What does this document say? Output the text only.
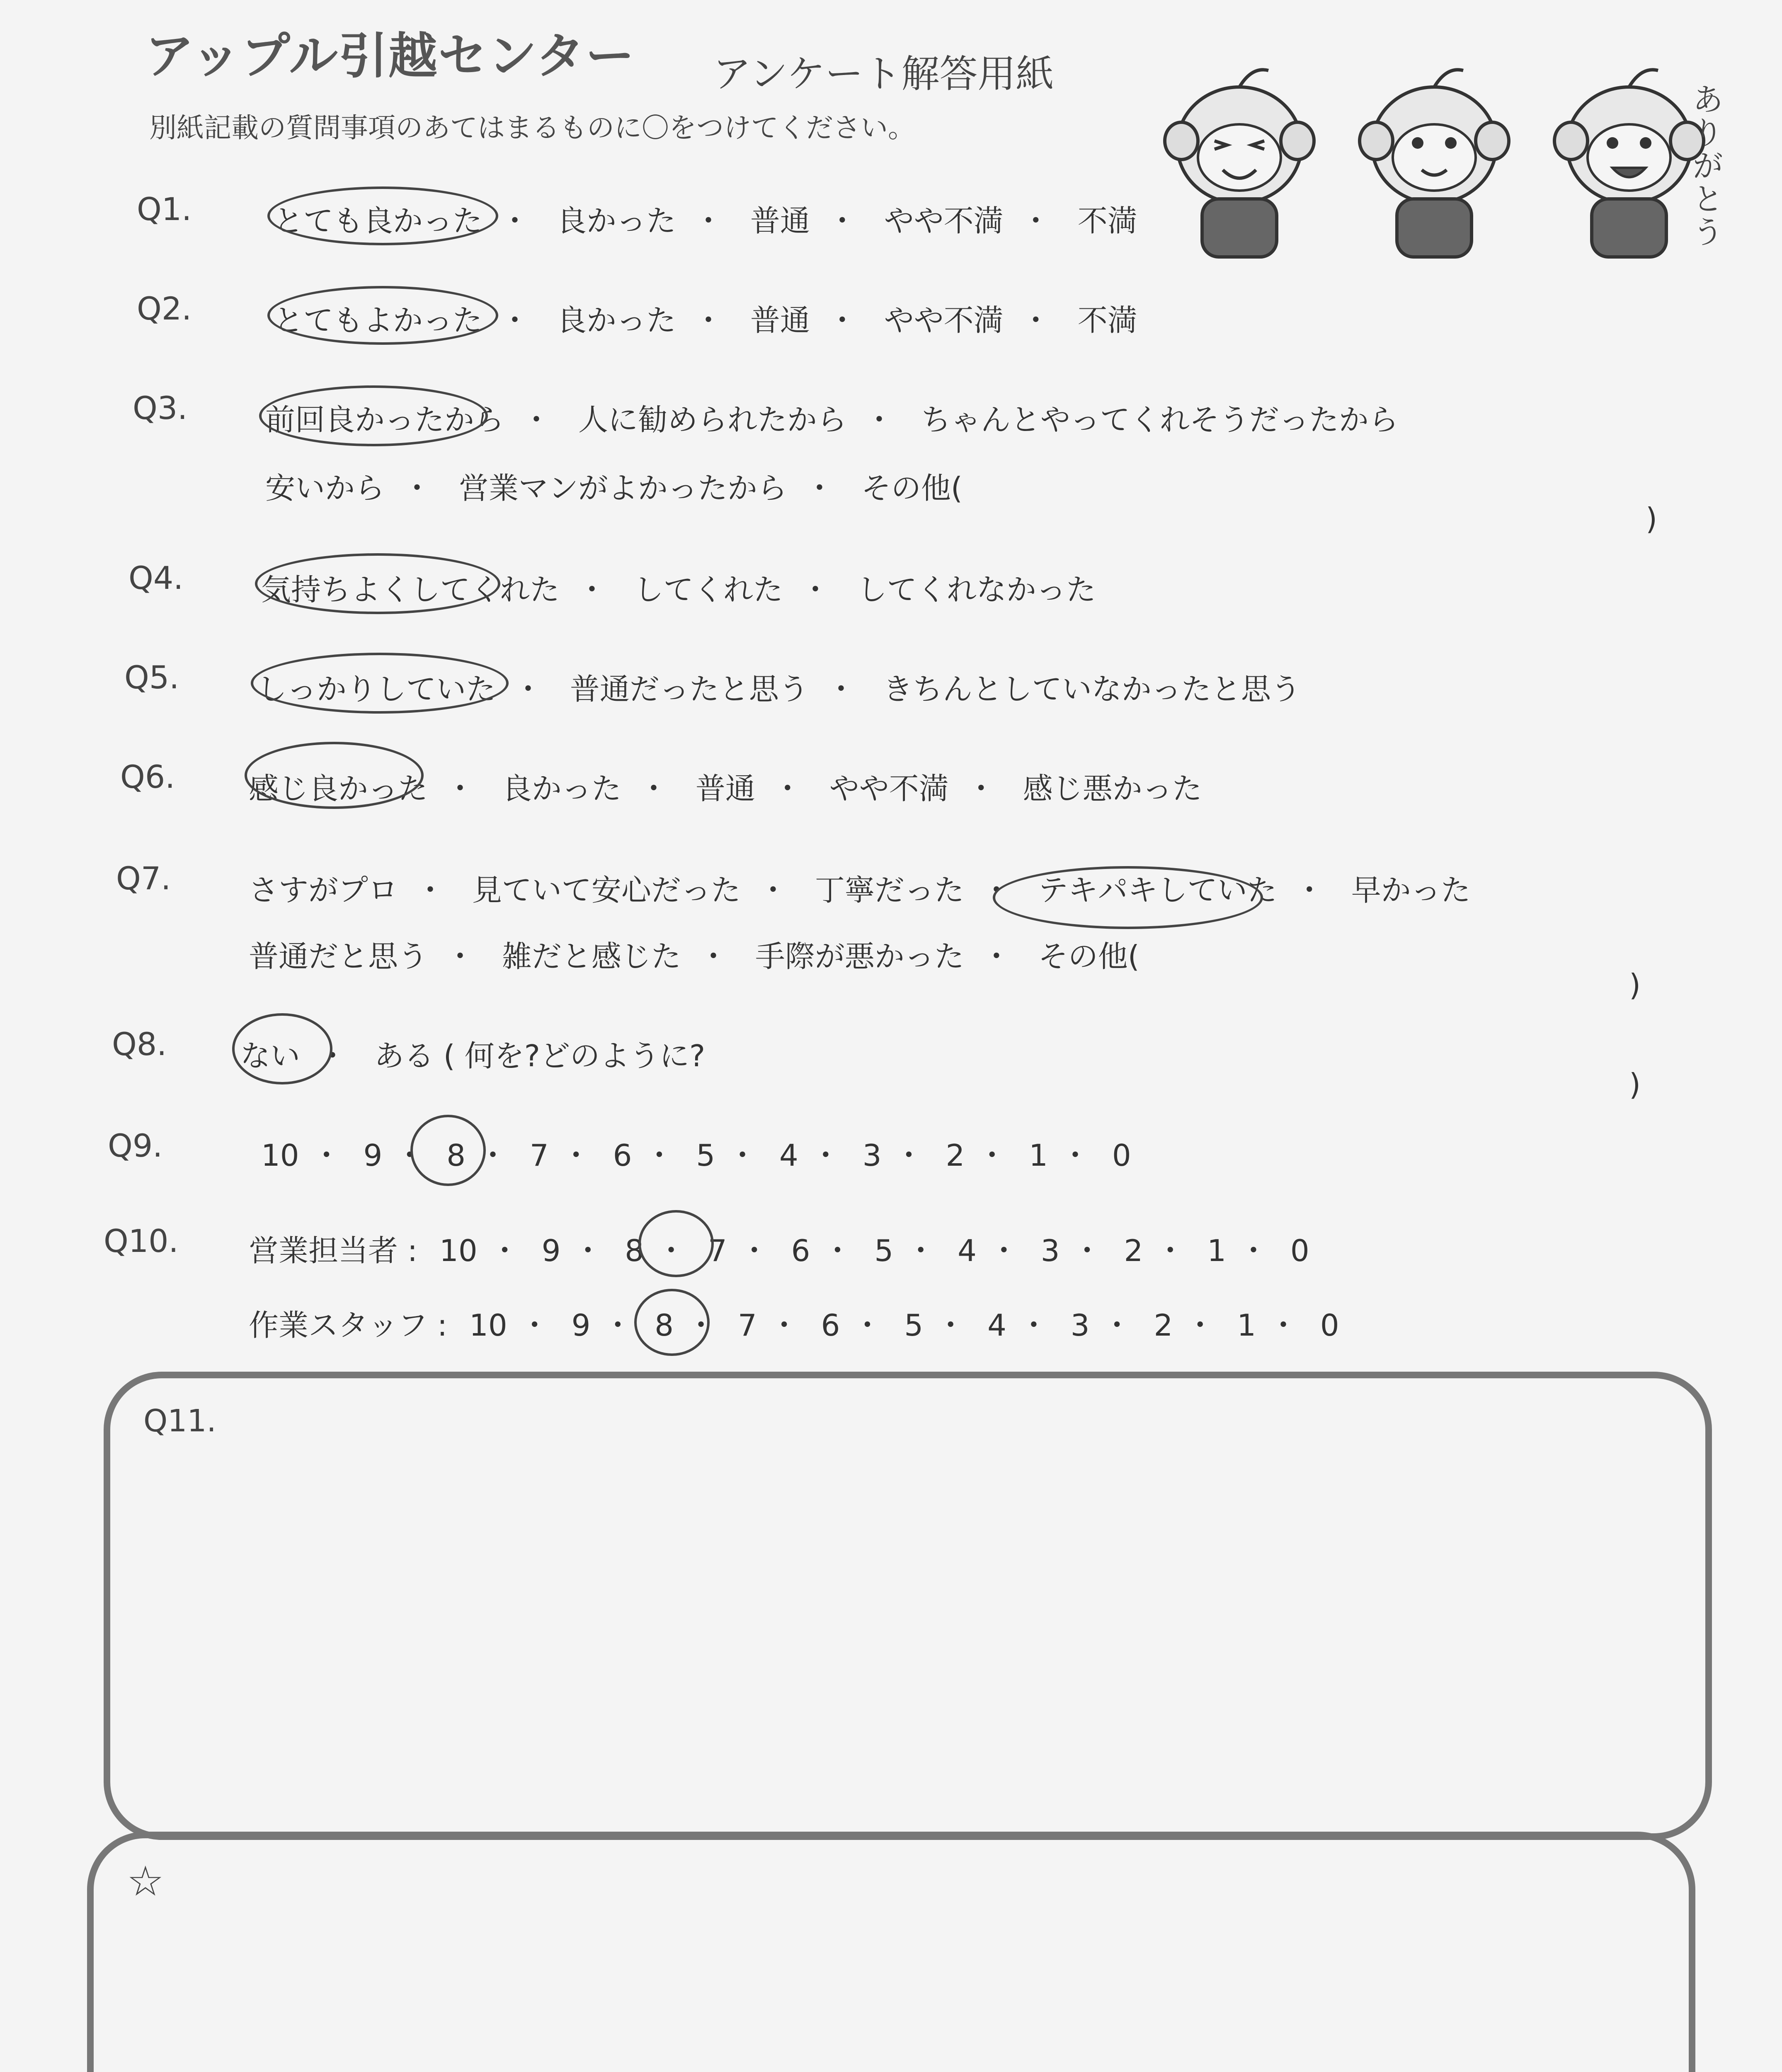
アップル引越センター アンケート解答用紙
別紙記載の質問事項のあてはまるものに〇をつけてください。	ありがとう
Q1.	とても良かった ・ 良かった ・ 普通 ・ やや不満 ・ 不満
Q2.	とてもよかった ・ 良かった ・ 普通 ・ やや不満 ・ 不満
Q3.	前回良かったから ・ 人に勧められたから ・ ちゃんとやってくれそうだったから
安いから ・ 営業マンがよかったから ・ その他(
)
Q4.	気持ちよくしてくれた ・ してくれた ・ してくれなかった
Q5.	しっかりしていた ・ 普通だったと思う ・ きちんとしていなかったと思う
Q6. 感じ良かった ・ 良かった ・ 普通 ・ やや不満 ・ 感じ悪かった
Q7.	さすがプロ ・ 見ていて安心だった ・ 丁寧だった ・ テキパキしていた ・ 早かった
普通だと思う ・ 雑だと感じた ・ 手際が悪かった ・ その他(
)
Q8. ない ・ ある ( 何を?どのように?
)
Q9.	10 ・ 9 ・ 8 ・ 7 ・ 6 ・ 5 ・ 4 ・ 3 ・ 2 ・ 1 ・ 0
Q10. 営業担当者 : 10 ・ 9 ・ 8 ・ 7 ・ 6 ・ 5 ・ 4 ・ 3 ・ 2 ・ 1 ・ 0
作業スタッフ : 10 ・ 9 ・ 8 ・ 7 ・ 6 ・ 5 ・ 4 ・ 3 ・ 2 ・ 1 ・ 0
Q11.
☆
